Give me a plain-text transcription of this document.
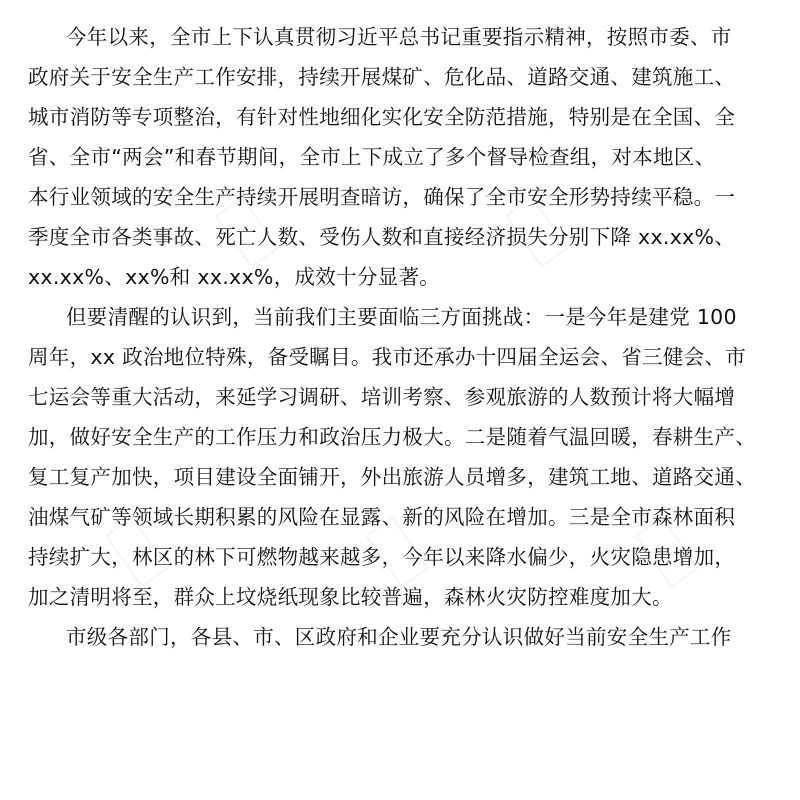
今年以来，全市上下认真贯彻习近平总书记重要指示精神，按照市委、市
政府关于安全生产工作安排，持续开展煤矿、危化品、道路交通、建筑施工、
城市消防等专项整治，有针对性地细化实化安全防范措施，特别是在全国、全
省、全市“两会”和春节期间，全市上下成立了多个督导检查组，对本地区、
本行业领域的安全生产持续开展明查暗访，确保了全市安全形势持续平稳。一
季度全市各类事故、死亡人数、受伤人数和直接经济损失分别下降 xx.xx%、
xx.xx%、xx%和 xx.xx%，成效十分显著。
但要清醒的认识到，当前我们主要面临三方面挑战：一是今年是建党 100
周年，xx 政治地位特殊，备受瞩目。我市还承办十四届全运会、省三健会、市
七运会等重大活动，来延学习调研、培训考察、参观旅游的人数预计将大幅增
加，做好安全生产的工作压力和政治压力极大。二是随着气温回暖，春耕生产、
复工复产加快，项目建设全面铺开，外出旅游人员增多，建筑工地、道路交通、
油煤气矿等领域长期积累的风险在显露、新的风险在增加。三是全市森林面积
持续扩大，林区的林下可燃物越来越多，今年以来降水偏少，火灾隐患增加，
加之清明将至，群众上坟烧纸现象比较普遍，森林火灾防控难度加大。
市级各部门，各县、市、区政府和企业要充分认识做好当前安全生产工作
